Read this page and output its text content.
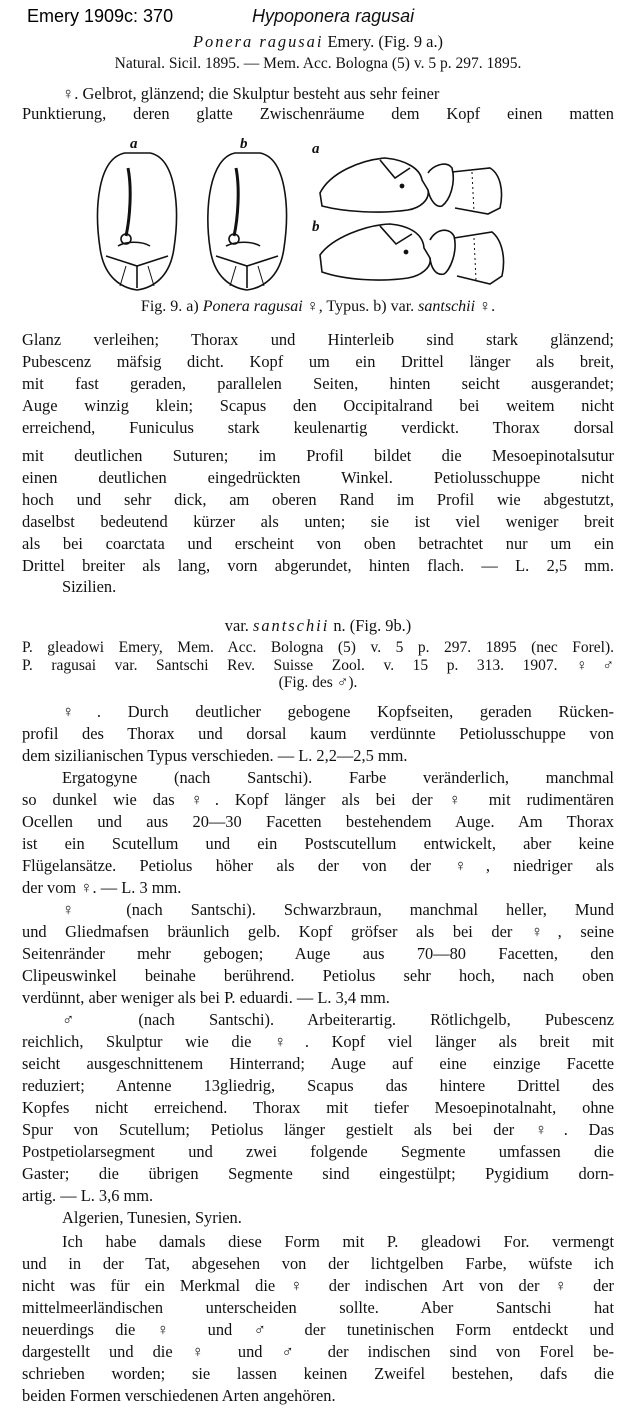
Emery 1909c: 370	Hypoponera ragusai
Ponera ragusai Emery. (Fig. 9 a.)
Natural. Sicil. 1895. — Mem. Acc. Bologna (5) v. 5 p. 297. 1895.
♀. Gelbrot, glänzend; die Skulptur besteht aus sehr feiner
Punktierung, deren glatte Zwischenräume dem Kopf einen matten
a	b	a
b
Fig. 9. a) Ponera ragusai ♀, Typus. b) var. santschii ♀.
Glanz verleihen; Thorax und Hinterleib sind stark glänzend;
Pubescenz mäfsig dicht. Kopf um ein Drittel länger als breit,
mit fast geraden, parallelen Seiten, hinten seicht ausgerandet;
Auge winzig klein; Scapus den Occipitalrand bei weitem nicht
erreichend, Funiculus stark keulenartig verdickt. Thorax dorsal
mit deutlichen Suturen; im Profil bildet die Mesoepinotalsutur
einen deutlichen eingedrückten Winkel. Petiolusschuppe nicht
hoch und sehr dick, am oberen Rand im Profil wie abgestutzt,
daselbst bedeutend kürzer als unten; sie ist viel weniger breit
als bei coarctata und erscheint von oben betrachtet nur um ein
Drittel breiter als lang, vorn abgerundet, hinten flach. — L. 2,5 mm.
Sizilien.
var. santschii n. (Fig. 9b.)
P. gleadowi Emery, Mem. Acc. Bologna (5) v. 5 p. 297. 1895 (nec Forel).
P. ragusai var. Santschi Rev. Suisse Zool. v. 15 p. 313. 1907. ♀♂
(Fig. des ♂).
♀. Durch deutlicher gebogene Kopfseiten, geraden Rücken-
profil des Thorax und dorsal kaum verdünnte Petiolusschuppe von
dem sizilianischen Typus verschieden. — L. 2,2—2,5 mm.
Ergatogyne (nach Santschi). Farbe veränderlich, manchmal
so dunkel wie das ♀. Kopf länger als bei der ♀ mit rudimentären
Ocellen und aus 20—30 Facetten bestehendem Auge. Am Thorax
ist ein Scutellum und ein Postscutellum entwickelt, aber keine
Flügelansätze. Petiolus höher als der von der ♀, niedriger als
der vom ♀. — L. 3 mm.
♀ (nach Santschi). Schwarzbraun, manchmal heller, Mund
und Gliedmafsen bräunlich gelb. Kopf gröfser als bei der ♀, seine
Seitenränder mehr gebogen; Auge aus 70—80 Facetten, den
Clipeuswinkel beinahe berührend. Petiolus sehr hoch, nach oben
verdünnt, aber weniger als bei P. eduardi. — L. 3,4 mm.
♂ (nach Santschi). Arbeiterartig. Rötlichgelb, Pubescenz
reichlich, Skulptur wie die ♀. Kopf viel länger als breit mit
seicht ausgeschnittenem Hinterrand; Auge auf eine einzige Facette
reduziert; Antenne 13gliedrig, Scapus das hintere Drittel des
Kopfes nicht erreichend. Thorax mit tiefer Mesoepinotalnaht, ohne
Spur von Scutellum; Petiolus länger gestielt als bei der ♀. Das
Postpetiolarsegment und zwei folgende Segmente umfassen die
Gaster; die übrigen Segmente sind eingestülpt; Pygidium dorn-
artig. — L. 3,6 mm.
Algerien, Tunesien, Syrien.
Ich habe damals diese Form mit P. gleadowi For. vermengt
und in der Tat, abgesehen von der lichtgelben Farbe, wüfste ich
nicht was für ein Merkmal die ♀ der indischen Art von der ♀ der
mittelmeerländischen unterscheiden sollte. Aber Santschi hat
neuerdings die ♀ und ♂ der tunetinischen Form entdeckt und
dargestellt und die ♀ und ♂ der indischen sind von Forel be-
schrieben worden; sie lassen keinen Zweifel bestehen, dafs die
beiden Formen verschiedenen Arten angehören.
